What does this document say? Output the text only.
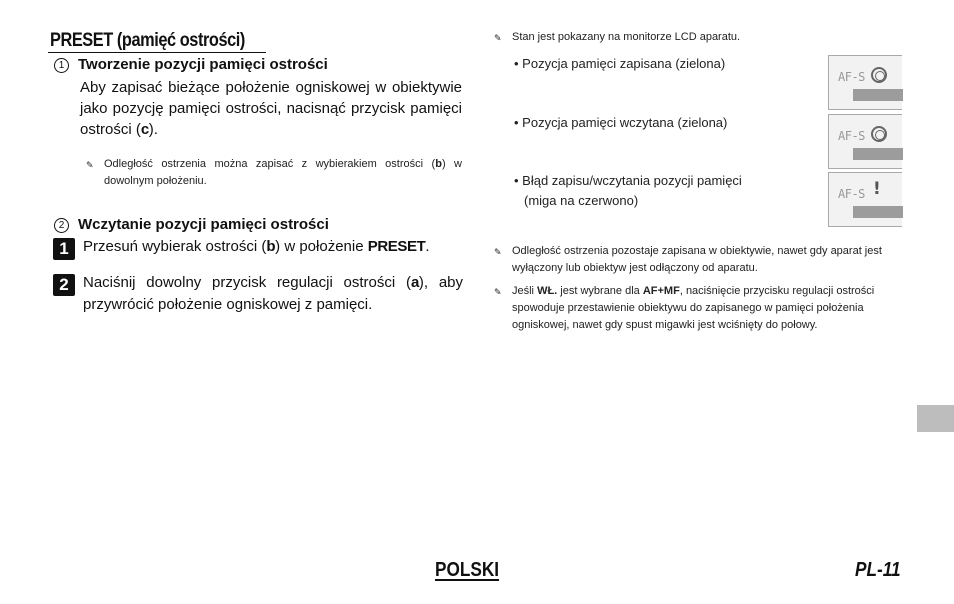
PRESET (pamięć ostrości)
1 Tworzenie pozycji pamięci ostrości
Aby zapisać bieżące położenie ogniskowej w obiektywie jako pozycję pamięci ostrości, nacisnąć przycisk pamięci ostrości (c).
✎ Odległość ostrzenia można zapisać z wybierakiem ostrości (b) w dowolnym położeniu.
2 Wczytanie pozycji pamięci ostrości
1 Przesuń wybierak ostrości (b) w położenie PRESET.
2 Naciśnij dowolny przycisk regulacji ostrości (a), aby przywrócić położenie ogniskowej z pamięci.
✎ Stan jest pokazany na monitorze LCD aparatu.
• Pozycja pamięci zapisana (zielona)
• Pozycja pamięci wczytana (zielona)
• Błąd zapisu/wczytania pozycji pamięci
(miga na czerwono)
AF-S
AF-S
AF-S !
✎ Odległość ostrzenia pozostaje zapisana w obiektywie, nawet gdy aparat jest wyłączony lub obiektyw jest odłączony od aparatu.
✎ Jeśli WŁ. jest wybrane dla AF+MF, naciśnięcie przycisku regulacji ostrości spowoduje przestawienie obiektywu do zapisanego w pamięci położenia ogniskowej, nawet gdy spust migawki jest wciśnięty do połowy.
POLSKI	PL-11
